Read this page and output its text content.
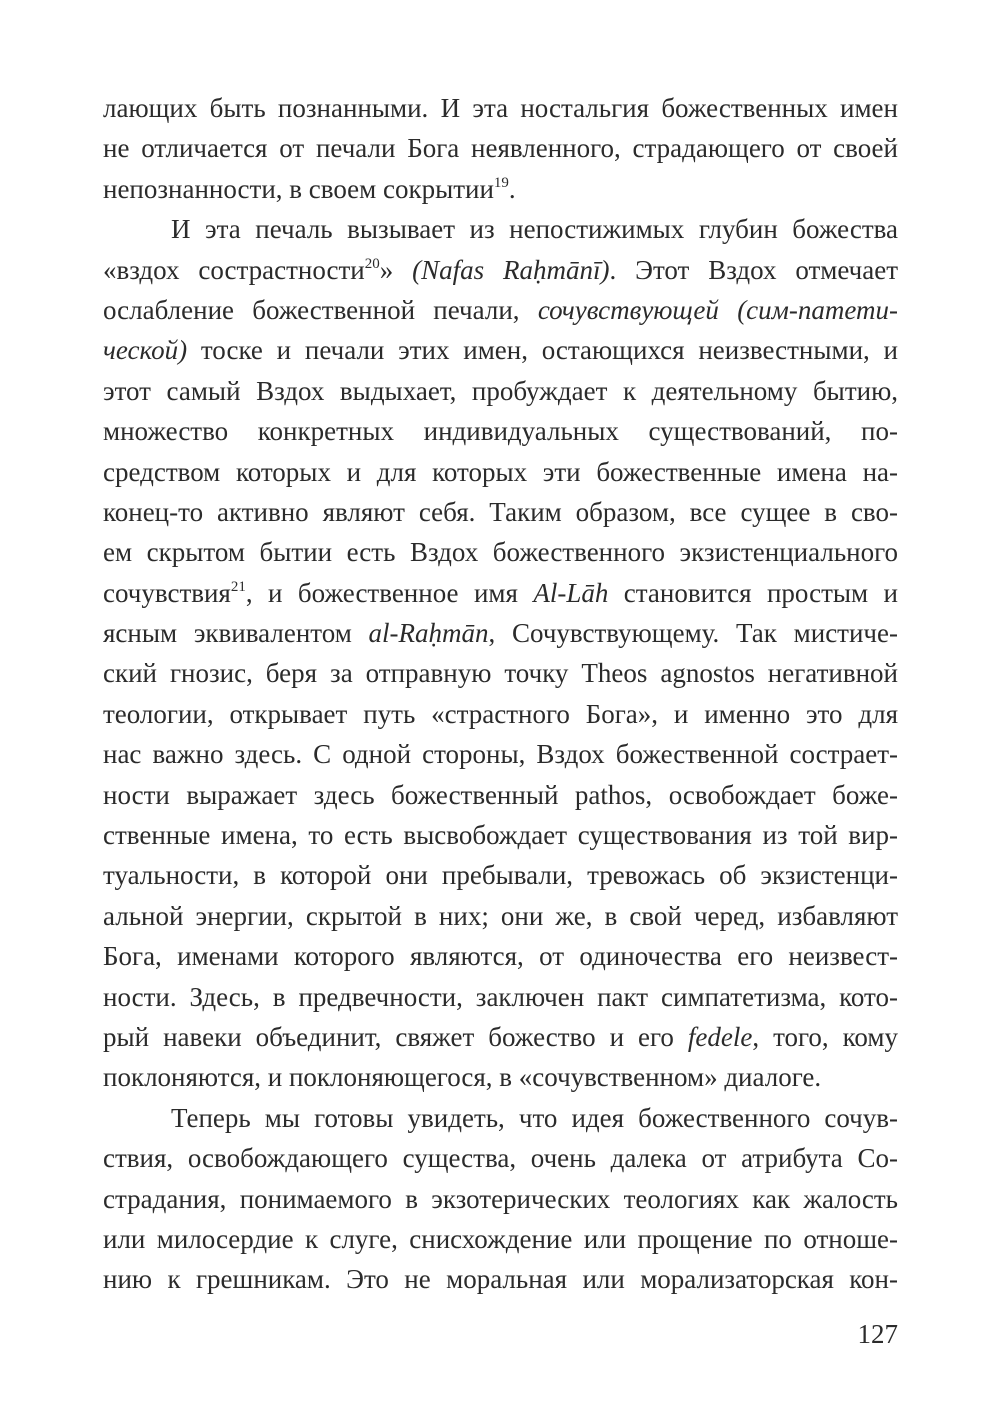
лающих быть познанными. И эта ностальгия божественных имен
не отличается от печали Бога неявленного, страдающего от своей
непознанности, в своем сокрытии$^{19}$.
И эта печаль вызывает из непостижимых глубин божества
«вздох сострастности$^{20}$» (Nafas Raḥmānī). Этот Вздох отмечает
ослабление божественной печали, сочувствующей (сим-патети-
ческой) тоске и печали этих имен, остающихся неизвестными, и
этот самый Вздох выдыхает, пробуждает к деятельному бытию,
множество конкретных индивидуальных существований, по-
средством которых и для которых эти божественные имена на-
конец-то активно являют себя. Таким образом, все сущее в сво-
ем скрытом бытии есть Вздох божественного экзистенциального
сочувствия$^{21}$, и божественное имя Al-Lāh становится простым и
ясным эквивалентом al-Raḥmān, Сочувствующему. Так мистиче-
ский гнозис, беря за отправную точку Theos agnostos негативной
теологии, открывает путь «страстного Бога», и именно это для
нас важно здесь. С одной стороны, Вздох божественной сострает-
ности выражает здесь божественный pathos, освобождает боже-
ственные имена, то есть высвобождает существования из той вир-
туальности, в которой они пребывали, тревожась об экзистенци-
альной энергии, скрытой в них; они же, в свой черед, избавляют
Бога, именами которого являются, от одиночества его неизвест-
ности. Здесь, в предвечности, заключен пакт симпатетизма, кото-
рый навеки объединит, свяжет божество и его fedele, того, кому
поклоняются, и поклоняющегося, в «сочувственном» диалоге.
Теперь мы готовы увидеть, что идея божественного сочув-
ствия, освобождающего существа, очень далека от атрибута Со-
страдания, понимаемого в экзотерических теологиях как жалость
или милосердие к слуге, снисхождение или прощение по отноше-
нию к грешникам. Это не моральная или морализаторская кон-
127
